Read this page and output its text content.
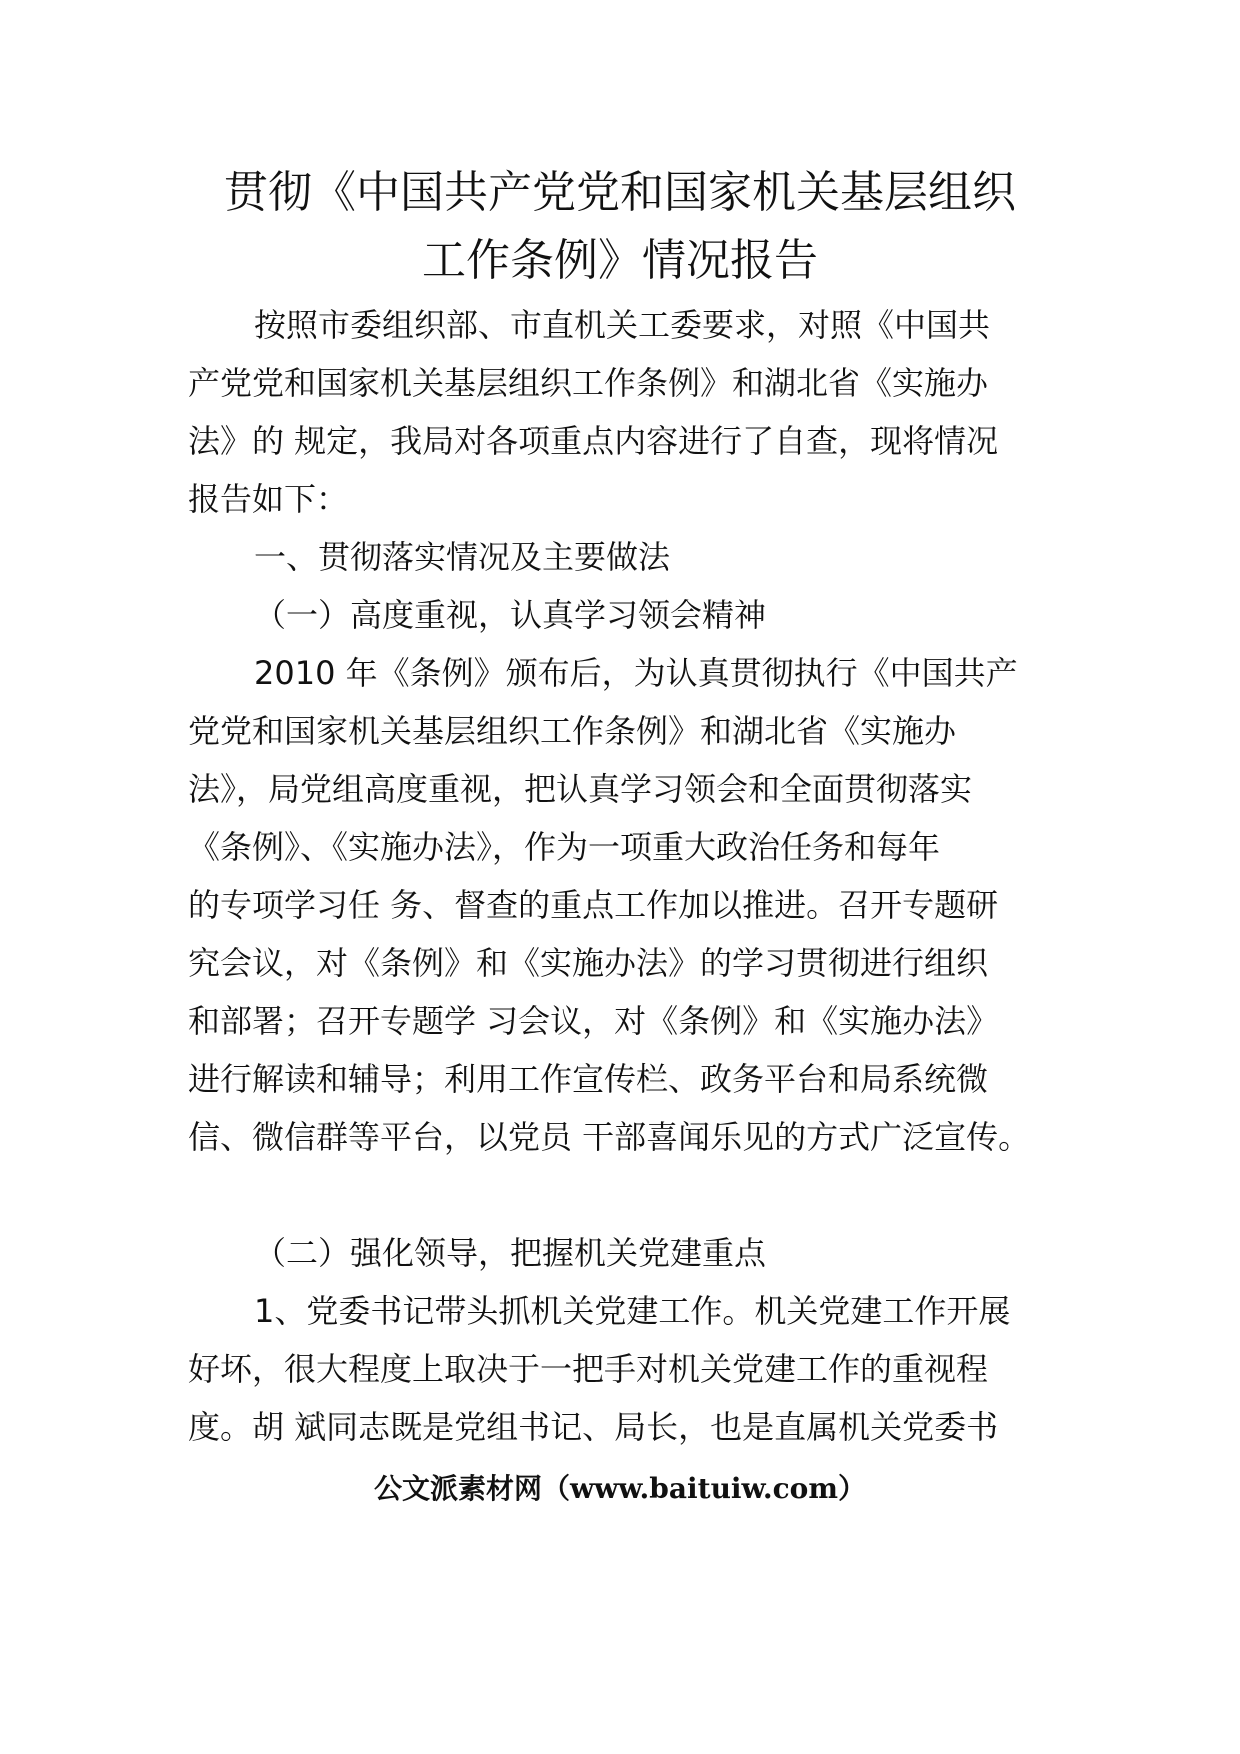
贯彻《中国共产党党和国家机关基层组织
工作条例》情况报告
按照市委组织部、市直机关工委要求，对照《中国共
产党党和国家机关基层组织工作条例》和湖北省《实施办
法》的 规定，我局对各项重点内容进行了自查，现将情况
报告如下：
一、贯彻落实情况及主要做法
（一）高度重视，认真学习领会精神
2010 年《条例》颁布后，为认真贯彻执行《中国共产
党党和国家机关基层组织工作条例》和湖北省《实施办
法》，局党组高度重视，把认真学习领会和全面贯彻落实
《条例》、《实施办法》，作为一项重大政治任务和每年
的专项学习任 务、督查的重点工作加以推进。召开专题研
究会议，对《条例》和《实施办法》的学习贯彻进行组织
和部署；召开专题学 习会议，对《条例》和《实施办法》
进行解读和辅导；利用工作宣传栏、政务平台和局系统微
信、微信群等平台，以党员 干部喜闻乐见的方式广泛宣传。
（二）强化领导，把握机关党建重点
1、党委书记带头抓机关党建工作。机关党建工作开展
好坏，很大程度上取决于一把手对机关党建工作的重视程
度。胡 斌同志既是党组书记、局长，也是直属机关党委书
公文派素材网（www.baituiw.com）
